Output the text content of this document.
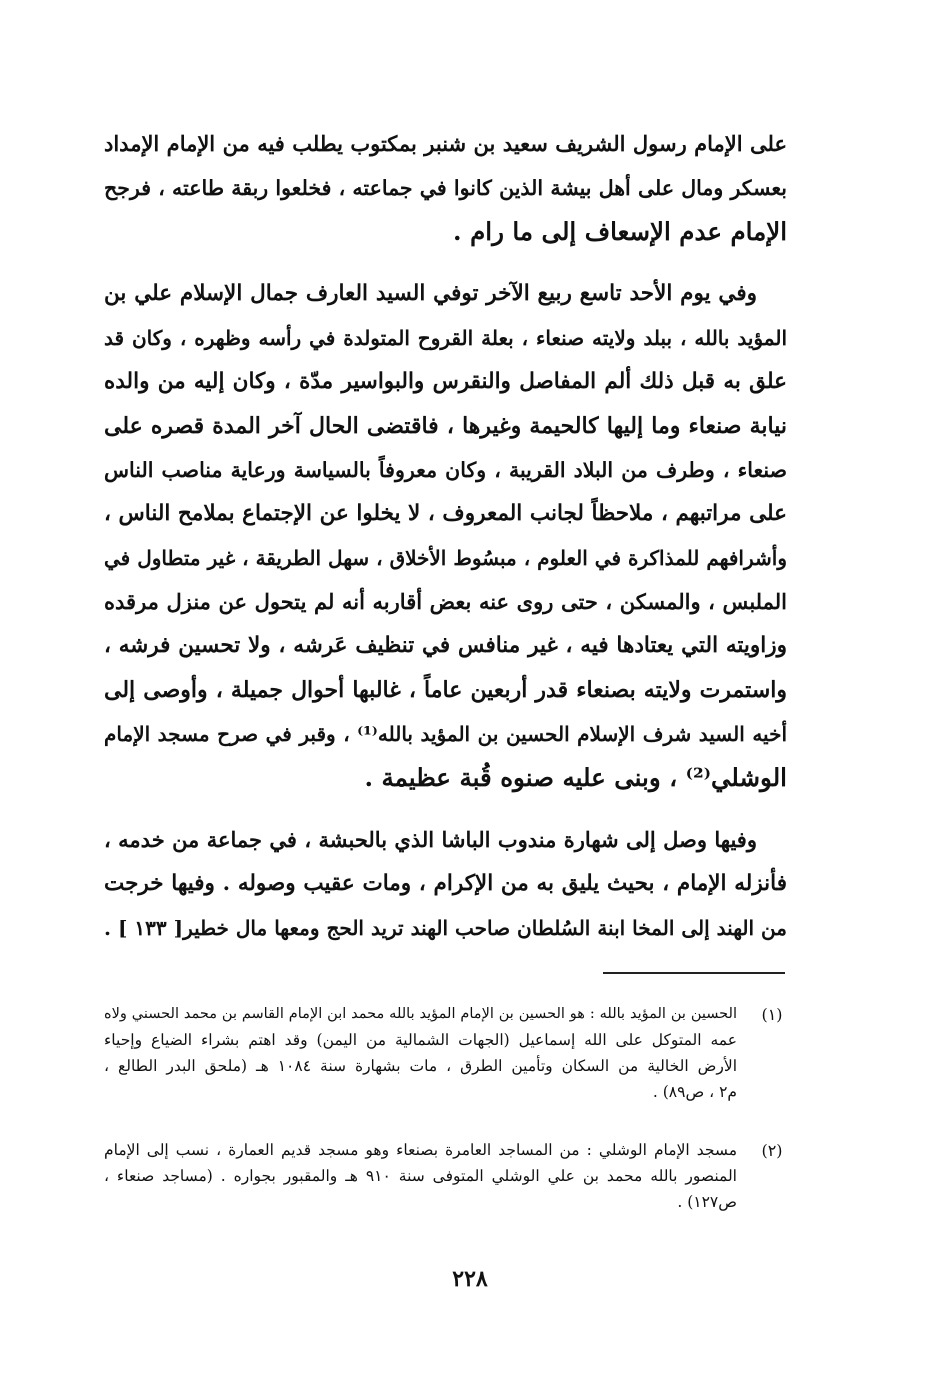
على الإمام رسول الشريف سعيد بن شنبر بمكتوب يطلب فيه من الإمام الإمداد
بعسكر ومال على أهل بيشة الذين كانوا في جماعته ، فخلعوا ربقة طاعته ، فرجح
الإمام عدم الإسعاف إلى ما رام .
وفي يوم الأحد تاسع ربيع الآخر توفي السيد العارف جمال الإسلام علي بن
المؤيد بالله ، ببلد ولايته صنعاء ، بعلة القروح المتولدة في رأسه وظهره ، وكان قد
علق به قبل ذلك ألم المفاصل والنقرس والبواسير مدّة ، وكان إليه من والده
نيابة صنعاء وما إليها كالحيمة وغيرها ، فاقتضى الحال آخر المدة قصره على
صنعاء ، وطرف من البلاد القريبة ، وكان معروفاً بالسياسة ورعاية مناصب الناس
على مراتبهم ، ملاحظاً لجانب المعروف ، لا يخلوا عن الإجتماع بملامح الناس ،
وأشرافهم للمذاكرة في العلوم ، مبسُوط الأخلاق ، سهل الطريقة ، غير متطاول في
الملبس ، والمسكن ، حتى روى عنه بعض أقاربه أنه لم يتحول عن منزل مرقده
وزاويته التي يعتادها فيه ، غير منافس في تنظيف عَرشه ، ولا تحسين فرشه ،
واستمرت ولايته بصنعاء قدر أربعين عاماً ، غالبها أحوال جميلة ، وأوصى إلى
أخيه السيد شرف الإسلام الحسين بن المؤيد بالله⁽¹⁾ ، وقبر في صرح مسجد الإمام
الوشلي⁽²⁾ ، وبنى عليه صنوه قُبة عظيمة .
وفيها وصل إلى شهارة مندوب الباشا الذي بالحبشة ، في جماعة من خدمه ،
فأنزله الإمام ، بحيث يليق به من الإكرام ، ومات عقيب وصوله . وفيها خرجت
من الهند إلى المخا ابنة السُلطان صاحب الهند تريد الحج ومعها مال خطير[ ١٣٣ ] .
(١)
الحسين بن المؤيد بالله : هو الحسين بن الإمام المؤيد بالله محمد ابن الإمام القاسم بن محمد الحسني ولاه
عمه المتوكل على الله إسماعيل (الجهات الشمالية من اليمن) وقد اهتم بشراء الضياع وإحياء
الأرض الخالية من السكان وتأمين الطرق ، مات بشهارة سنة ١٠٨٤ هـ (ملحق البدر الطالع ،
م٢ ، ص٨٩) .
(٢)
مسجد الإمام الوشلي : من المساجد العامرة بصنعاء وهو مسجد قديم العمارة ، نسب إلى الإمام
المنصور بالله محمد بن علي الوشلي المتوفى سنة ٩١٠ هـ والمقبور بجواره . (مساجد صنعاء ،
ص١٢٧) .
٢٢٨
